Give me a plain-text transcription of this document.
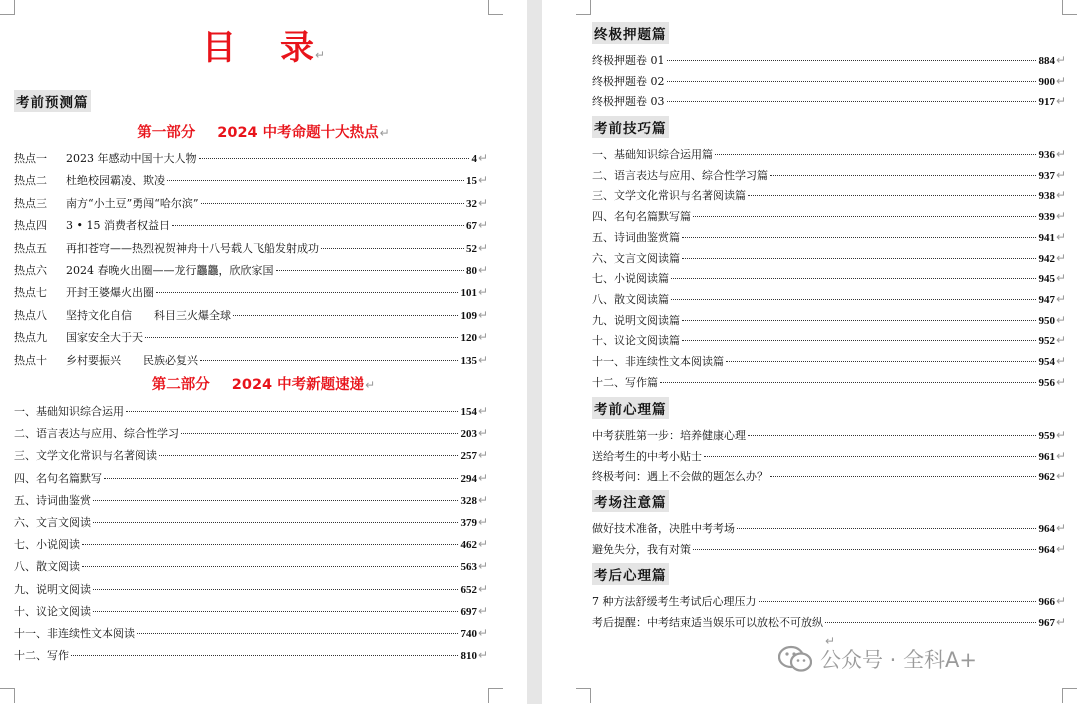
目 录↵
考前预测篇
第一部分 2024 中考命题十大热点↵
热点一	2023 年感动中国十大人物	4 ↵
热点二	杜绝校园霸凌、欺凌	15 ↵
热点三	南方“小土豆”勇闯“哈尔滨”	32 ↵
热点四	3 • 15 消费者权益日	67 ↵
热点五	再扣苍穹——热烈祝贺神舟十八号载人飞船发射成功	52 ↵
热点六	2024 春晚火出圈——龙行龘龘，欣欣家国	80 ↵
热点七	开封王婆爆火出圈	101 ↵
热点八	坚持文化自信　　科目三火爆全球	109 ↵
热点九	国家安全大于天	120 ↵
热点十	乡村要振兴　　民族必复兴	135 ↵
第二部分 2024 中考新题速递↵
一、基础知识综合运用	154 ↵
二、语言表达与应用、综合性学习	203 ↵
三、文学文化常识与名著阅读	257 ↵
四、名句名篇默写	294 ↵
五、诗词曲鉴赏	328 ↵
六、文言文阅读	379 ↵
七、小说阅读	462 ↵
八、散文阅读	563 ↵
九、说明文阅读	652 ↵
十、议论文阅读	697 ↵
十一、非连续性文本阅读	740 ↵
十二、写作	810 ↵
终极押题篇
终极押题卷 01	884 ↵
终极押题卷 02	900 ↵
终极押题卷 03	917 ↵
考前技巧篇
一、基础知识综合运用篇	936 ↵
二、语言表达与应用、综合性学习篇	937 ↵
三、文学文化常识与名著阅读篇	938 ↵
四、名句名篇默写篇	939 ↵
五、诗词曲鉴赏篇	941 ↵
六、文言文阅读篇	942 ↵
七、小说阅读篇	945 ↵
八、散文阅读篇	947 ↵
九、说明文阅读篇	950 ↵
十、议论文阅读篇	952 ↵
十一、非连续性文本阅读篇	954 ↵
十二、写作篇	956 ↵
考前心理篇
中考获胜第一步：培养健康心理	959 ↵
送给考生的中考小贴士	961 ↵
终极考问：遇上不会做的题怎么办？	962 ↵
考场注意篇
做好技术准备，决胜中考考场	964 ↵
避免失分，我有对策	964 ↵
考后心理篇
7 种方法舒缓考生考试后心理压力	966 ↵
考后提醒：中考结束适当娱乐可以放松不可放纵	967 ↵
↵
公众号 · 全科A+
